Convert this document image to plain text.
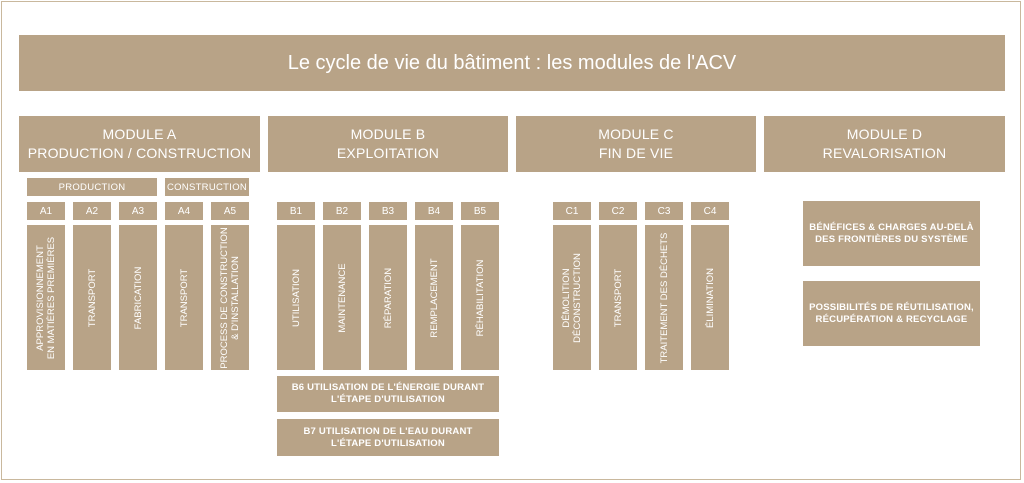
Le cycle de vie du bâtiment : les modules de l'ACV
MODULE A
PRODUCTION / CONSTRUCTION
MODULE B
EXPLOITATION
MODULE C
FIN DE VIE
MODULE D
REVALORISATION
PRODUCTION	CONSTRUCTION
A1	A2	A3	A4	A5
APPROVISIONNEMENT EN MATIÈRES PREMIÈRES	TRANSPORT	FABRICATION	TRANSPORT	PROCESS DE CONSTRUCTION & D'INSTALLATION
B1	B2	B3	B4	B5
UTILISATION	MAINTENANCE	RÉPARATION	REMPLACEMENT	RÉHABILITATION
B6 UTILISATION DE L'ÉNERGIE DURANT
L'ÉTAPE D'UTILISATION
B7 UTILISATION DE L'EAU DURANT
L'ÉTAPE D'UTILISATION
C1	C2	C3	C4
DÉMOLITION DÉCONSTRUCTION	TRANSPORT	TRAITEMENT DES DÉCHETS	ÉLIMINATION
BÉNÉFICES & CHARGES AU-DELÀ
DES FRONTIÈRES DU SYSTÈME
POSSIBILITÉS DE RÉUTILISATION,
RÉCUPÉRATION & RECYCLAGE
